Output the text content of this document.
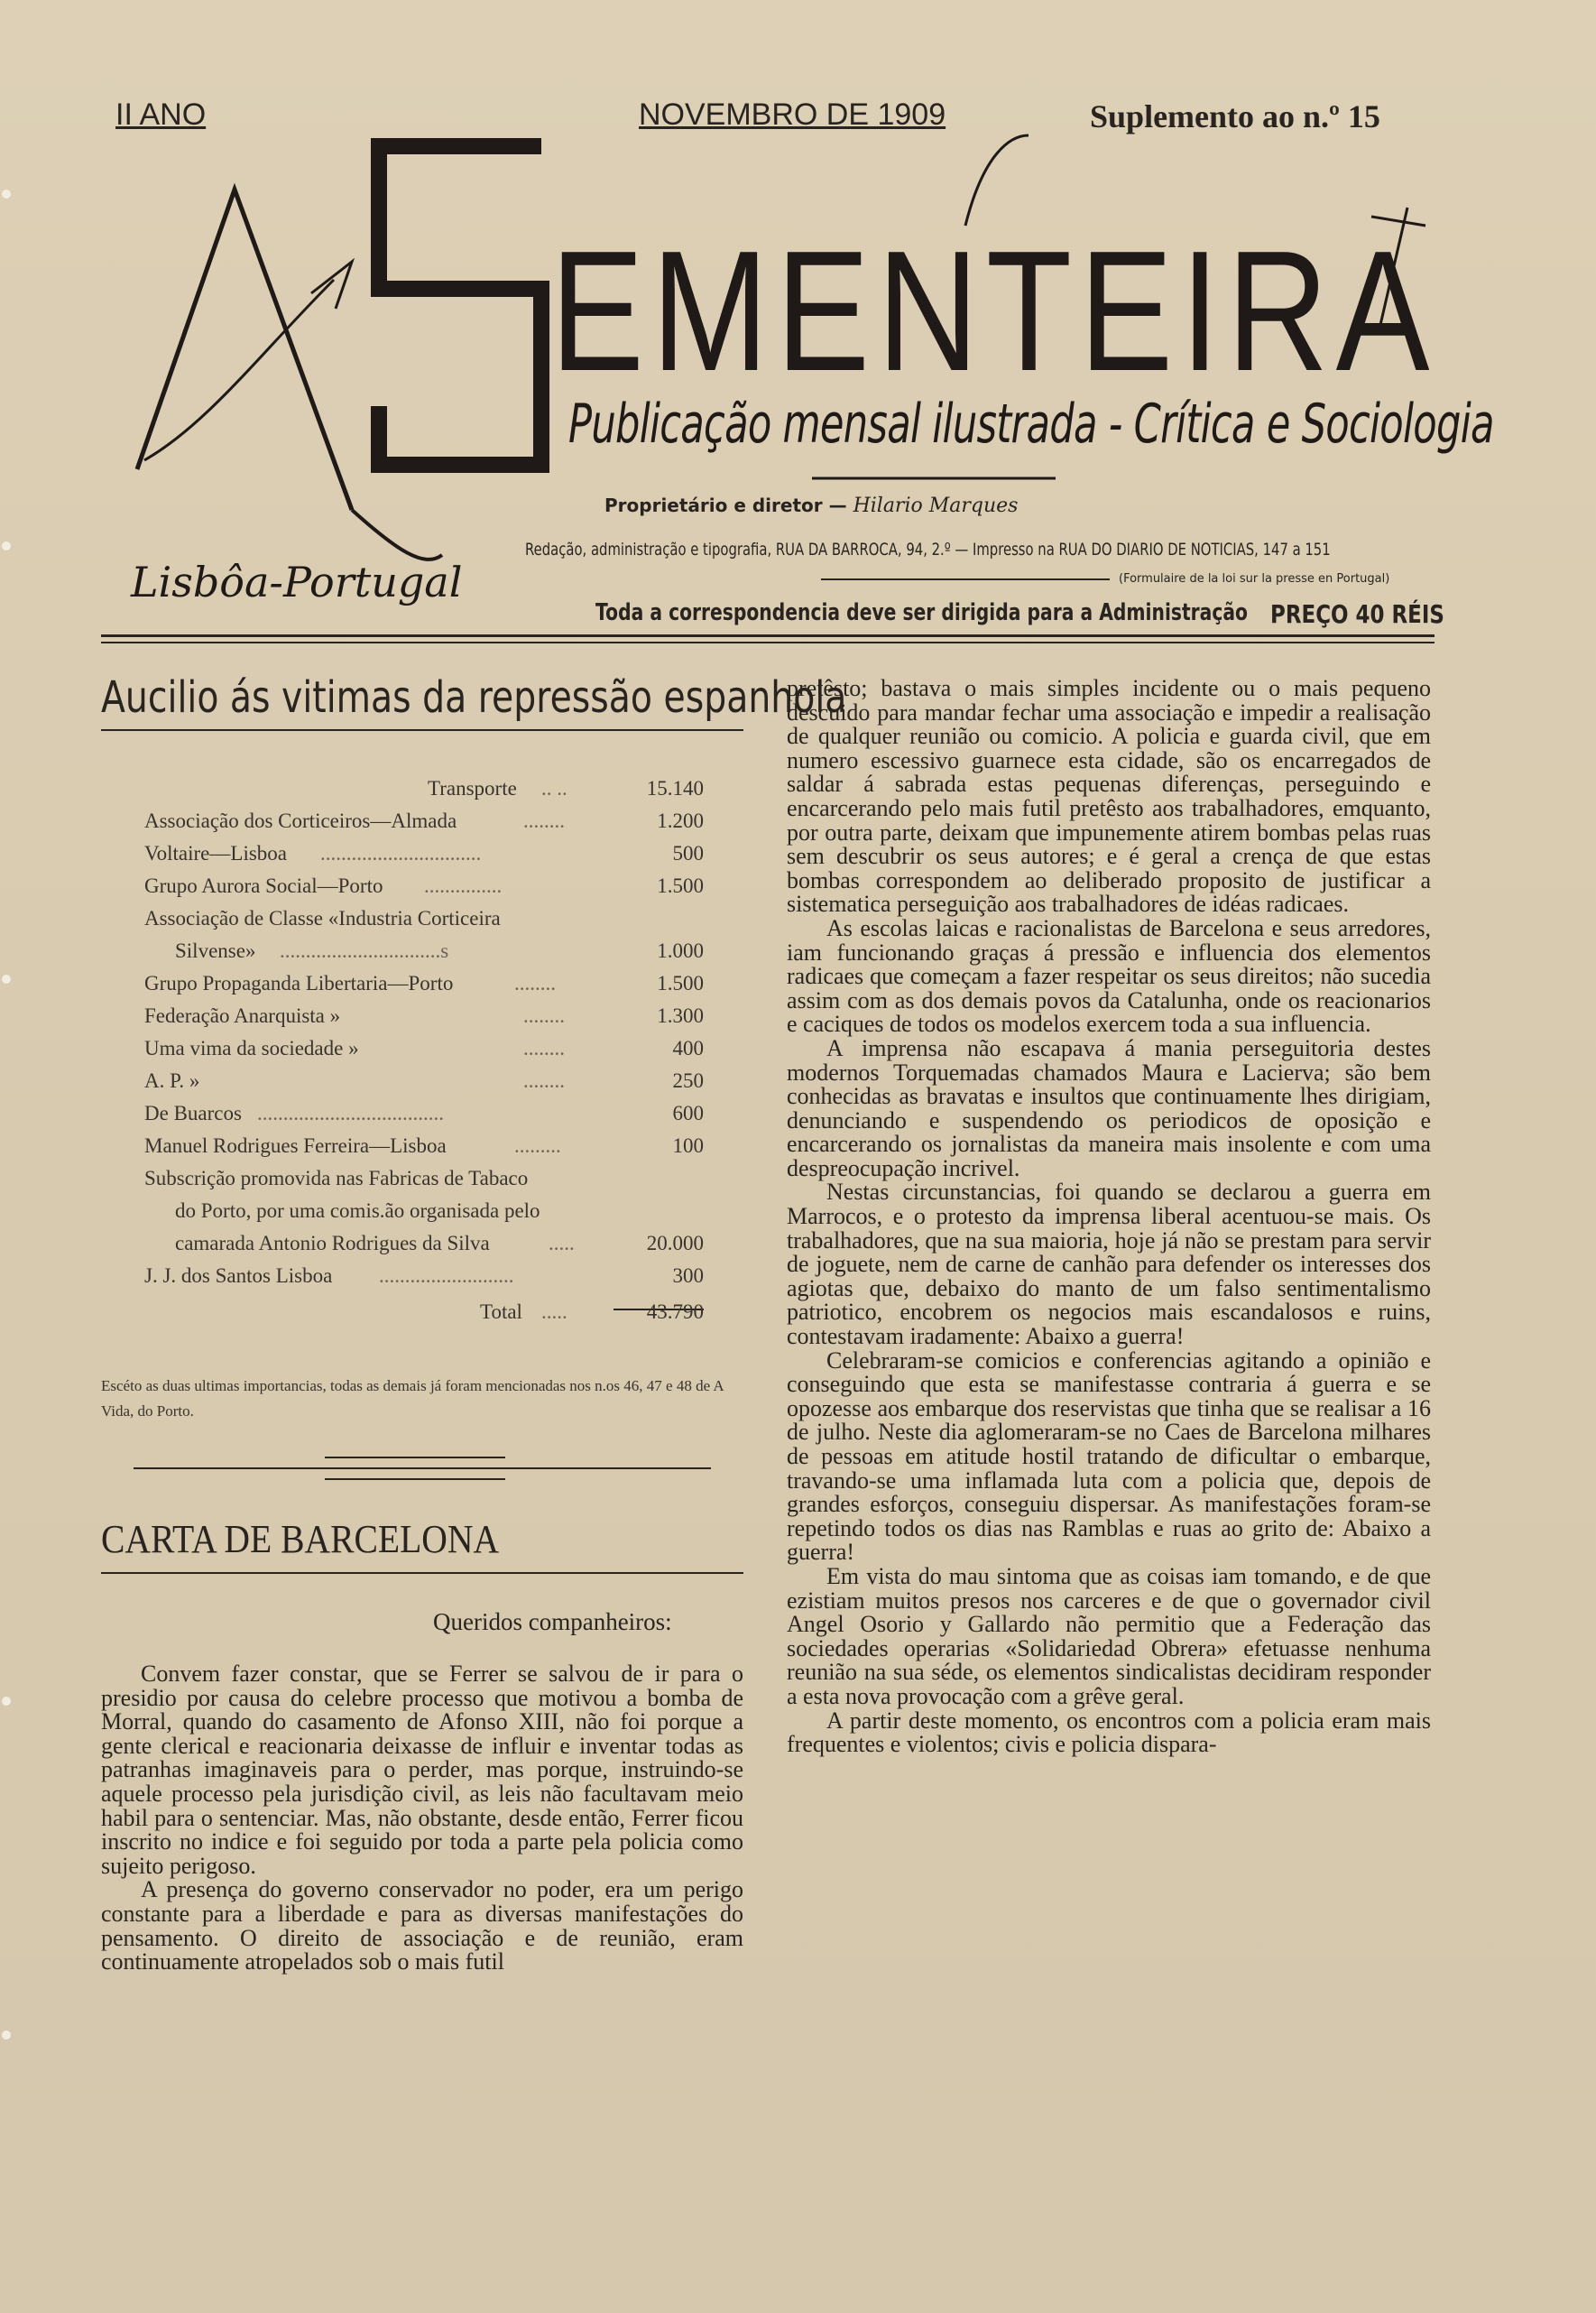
II ANO	NOVEMBRO DE 1909	Suplemento ao n.º 15
EMENTEIRA
Publicação mensal ilustrada - Crítica e Sociologia
Proprietário e diretor — Hilario Marques
Lisbôa-Portugal
Redação, administração e tipografia, RUA DA BARROCA, 94, 2.º — Impresso na RUA DO DIARIO DE NOTICIAS, 147 a 151
(Formulaire de la loi sur la presse en Portugal)
Toda a correspondencia deve ser dirigida para a Administração PREÇO 40 RÉIS
Aucilio ás vitimas da repressão espanhola
Transporte .. ..	15.140
Associação dos Corticeiros—Almada	........	1.200
Voltaire—Lisboa ...............................	500
Grupo Aurora Social—Porto ...............	1.500
Associação de Classe «Industria Corticeira
Silvense» ...............................s	1.000
Grupo Propaganda Libertaria—Porto	........	1.500
Federação Anarquista »	........	1.300
Uma vima da sociedade »	........	400
A. P. »	........	250
De Buarcos ....................................	600
Manuel Rodrigues Ferreira—Lisboa	.........	100
Subscrição promovida nas Fabricas de Tabaco
do Porto, por uma comis.ão organisada pelo
camarada Antonio Rodrigues da Silva	.....	20.000
J. J. dos Santos Lisboa ..........................	300
Total .....	43.790
Escéto as duas ultimas importancias, todas as demais já foram mencionadas nos n.os 46, 47 e 48 de A Vida, do Porto.
CARTA DE BARCELONA
Queridos companheiros:

Convem fazer constar, que se Ferrer se salvou de ir para o presidio por causa do celebre processo que motivou a bomba de Morral, quando do casamento de Afonso XIII, não foi porque a gente clerical e reacionaria deixasse de influir e inventar todas as patranhas imaginaveis para o perder, mas porque, instruindo-se aquele processo pela jurisdição civil, as leis não facultavam meio habil para o sentenciar. Mas, não obstante, desde então, Ferrer ficou inscrito no indice e foi seguido por toda a parte pela policia como sujeito perigoso.

A presença do governo conservador no poder, era um perigo constante para a liberdade e para as diversas manifestações do pensamento. O direito de associação e de reunião, eram continuamente atropelados sob o mais futil

pretêsto; bastava o mais simples incidente ou o mais pequeno descuido para mandar fechar uma associação e impedir a realisação de qualquer reunião ou comicio. A policia e guarda civil, que em numero escessivo guarnece esta cidade, são os encarregados de saldar á sabrada estas pequenas diferenças, perseguindo e encarcerando pelo mais futil pretêsto aos trabalhadores, emquanto, por outra parte, deixam que impunemente atirem bombas pelas ruas sem descubrir os seus autores; e é geral a crença de que estas bombas correspondem ao deliberado proposito de justificar a sistematica perseguição aos trabalhadores de idéas radicaes.

As escolas laicas e racionalistas de Barcelona e seus arredores, iam funcionando graças á pressão e influencia dos elementos radicaes que começam a fazer respeitar os seus direitos; não sucedia assim com as dos demais povos da Catalunha, onde os reacionarios e caciques de todos os modelos exercem toda a sua influencia.

A imprensa não escapava á mania perseguitoria destes modernos Torquemadas chamados Maura e Lacierva; são bem conhecidas as bravatas e insultos que continuamente lhes dirigiam, denunciando e suspendendo os periodicos de oposição e encarcerando os jornalistas da maneira mais insolente e com uma despreocupação incrivel.

Nestas circunstancias, foi quando se declarou a guerra em Marrocos, e o protesto da imprensa liberal acentuou-se mais. Os trabalhadores, que na sua maioria, hoje já não se prestam para servir de joguete, nem de carne de canhão para defender os interesses dos agiotas que, debaixo do manto de um falso sentimentalismo patriotico, encobrem os negocios mais escandalosos e ruins, contestavam iradamente: Abaixo a guerra!

Celebraram-se comicios e conferencias agitando a opinião e conseguindo que esta se manifestasse contraria á guerra e se opozesse aos embarque dos reservistas que tinha que se realisar a 16 de julho. Neste dia aglomeraram-se no Caes de Barcelona milhares de pessoas em atitude hostil tratando de dificultar o embarque, travando-se uma inflamada luta com a policia que, depois de grandes esforços, conseguiu dispersar. As manifestações foram-se repetindo todos os dias nas Ramblas e ruas ao grito de: Abaixo a guerra!

Em vista do mau sintoma que as coisas iam tomando, e de que ezistiam muitos presos nos carceres e de que o governador civil Angel Osorio y Gallardo não permitio que a Federação das sociedades operarias «Solidariedad Obrera» efetuasse nenhuma reunião na sua séde, os elementos sindicalistas decidiram responder a esta nova provocação com a grêve geral.

A partir deste momento, os encontros com a policia eram mais frequentes e violentos; civis e policia dispara-
